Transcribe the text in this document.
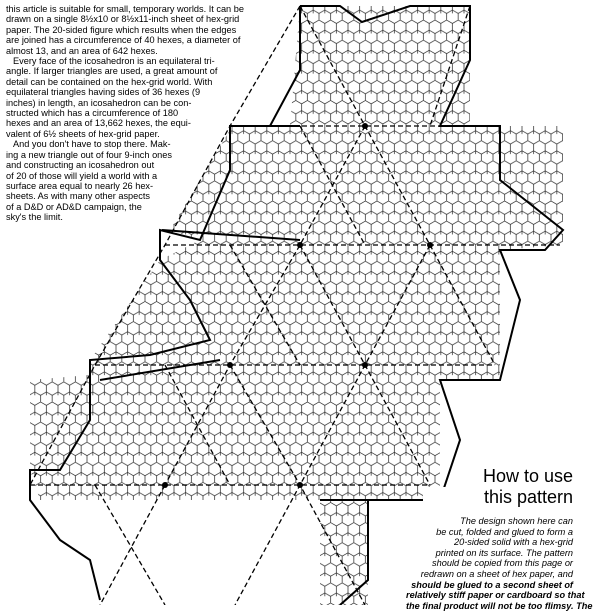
this article is suitable for small, temporary worlds. It can be
drawn on a single 8½x10 or 8½x11-inch sheet of hex-grid
paper. The 20-sided figure which results when the edges
are joined has a circumference of 40 hexes, a diameter of
almost 13, and an area of 642 hexes.
Every face of the icosahedron is an equilateral tri-
angle. If larger triangles are used, a great amount of
detail can be contained on the hex-grid world. With
equilateral triangles having sides of 36 hexes (9
inches) in length, an icosahedron can be con-
structed which has a circumference of 180
hexes and an area of 13,662 hexes, the equi-
valent of 6½ sheets of hex-grid paper.
And you don't have to stop there. Mak-
ing a new triangle out of four 9-inch ones
and constructing an icosahedron out
of 20 of those will yield a world with a
surface area equal to nearly 26 hex-
sheets. As with many other aspects
of a D&D or AD&D campaign, the
sky's the limit.
How to use

this pattern
The design shown here can
be cut, folded and glued to form a
20-sided solid with a hex-grid
printed on its surface. The pattern
should be copied from this page or
redrawn on a sheet of hex paper, and
should be glued to a second sheet of
relatively stiff paper or cardboard so that
the final product will not be too flimsy. The
